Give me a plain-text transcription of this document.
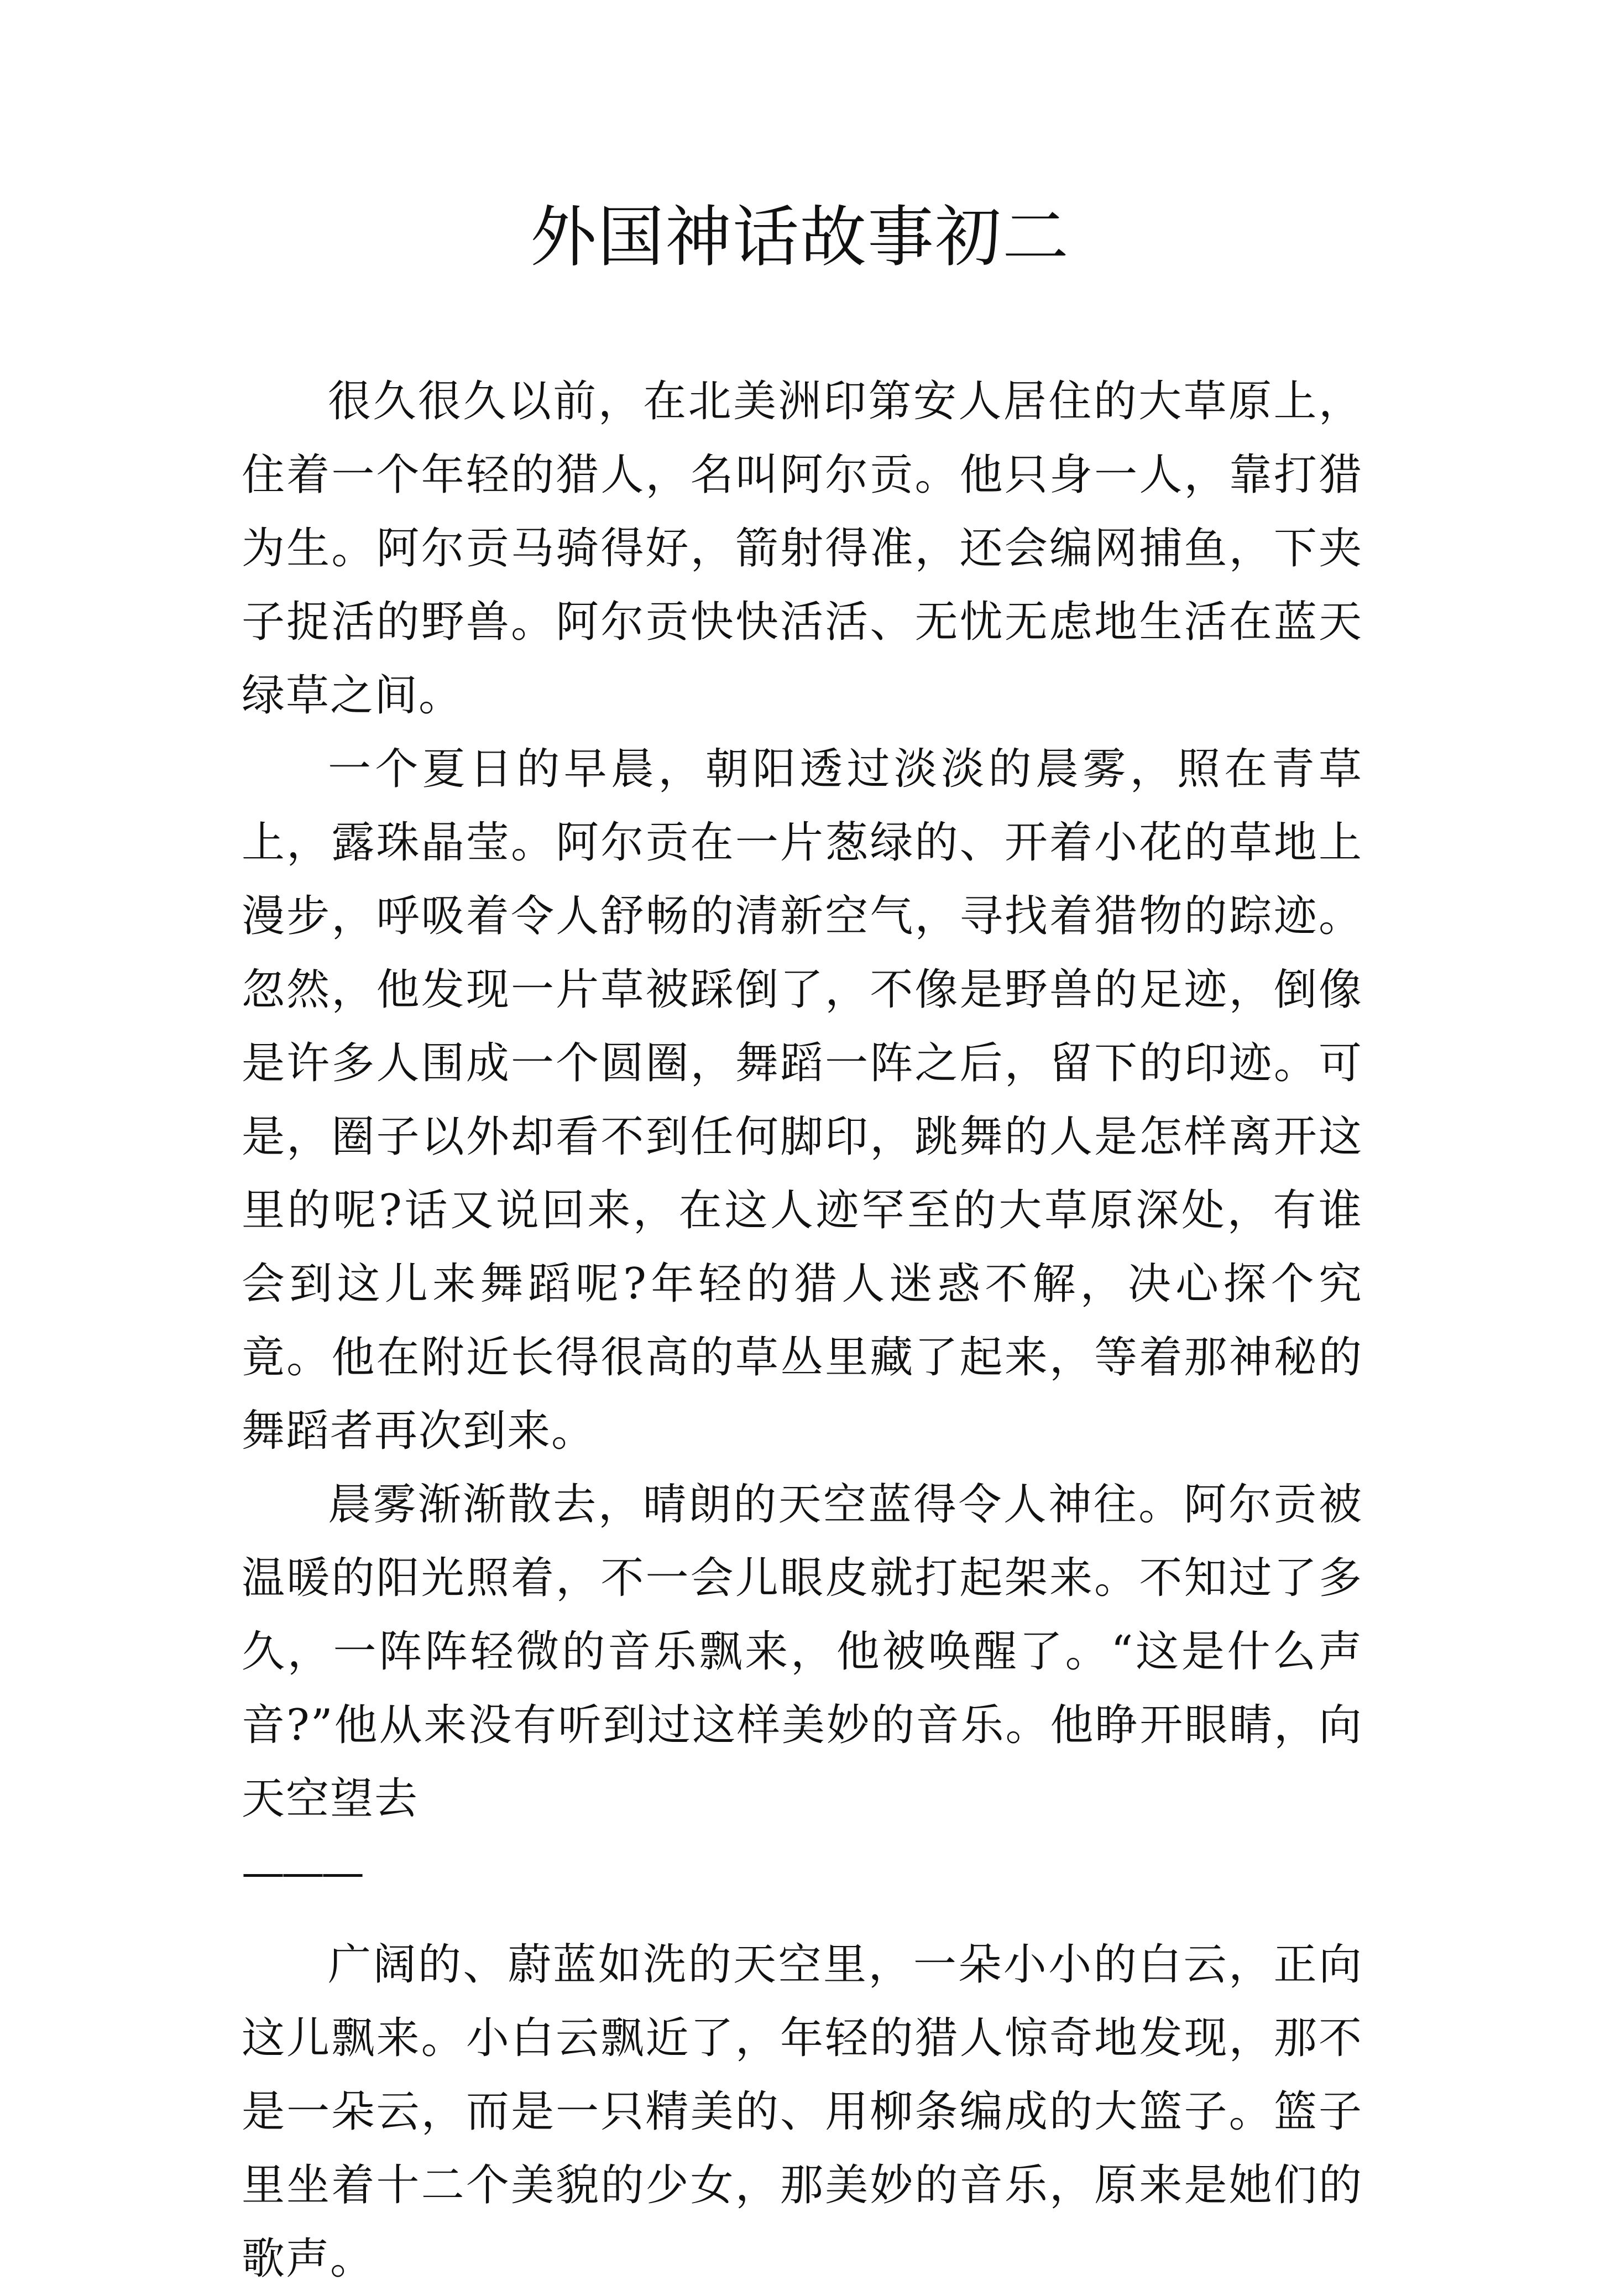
外国神话故事初二

很久很久以前，在北美洲印第安人居住的大草原上，住着一个年轻的猎人，名叫阿尔贡。他只身一人，靠打猎为生。阿尔贡马骑得好，箭射得准，还会编网捕鱼，下夹子捉活的野兽。阿尔贡快快活活、无忧无虑地生活在蓝天绿草之间。

一个夏日的早晨，朝阳透过淡淡的晨雾，照在青草上，露珠晶莹。阿尔贡在一片葱绿的、开着小花的草地上漫步，呼吸着令人舒畅的清新空气，寻找着猎物的踪迹。忽然，他发现一片草被踩倒了，不像是野兽的足迹，倒像是许多人围成一个圆圈，舞蹈一阵之后，留下的印迹。可是，圈子以外却看不到任何脚印，跳舞的人是怎样离开这里的呢?话又说回来，在这人迹罕至的大草原深处，有谁会到这儿来舞蹈呢?年轻的猎人迷惑不解，决心探个究竟。他在附近长得很高的草丛里藏了起来，等着那神秘的舞蹈者再次到来。

晨雾渐渐散去，晴朗的天空蓝得令人神往。阿尔贡被温暖的阳光照着，不一会儿眼皮就打起架来。不知过了多久，一阵阵轻微的音乐飘来，他被唤醒了。“这是什么声音?”他从来没有听到过这样美妙的音乐。他睁开眼睛，向天空望去

———

广阔的、蔚蓝如洗的天空里，一朵小小的白云，正向这儿飘来。小白云飘近了，年轻的猎人惊奇地发现，那不是一朵云，而是一只精美的、用柳条编成的大篮子。篮子里坐着十二个美貌的少女，那美妙的音乐，原来是她们的歌声。
